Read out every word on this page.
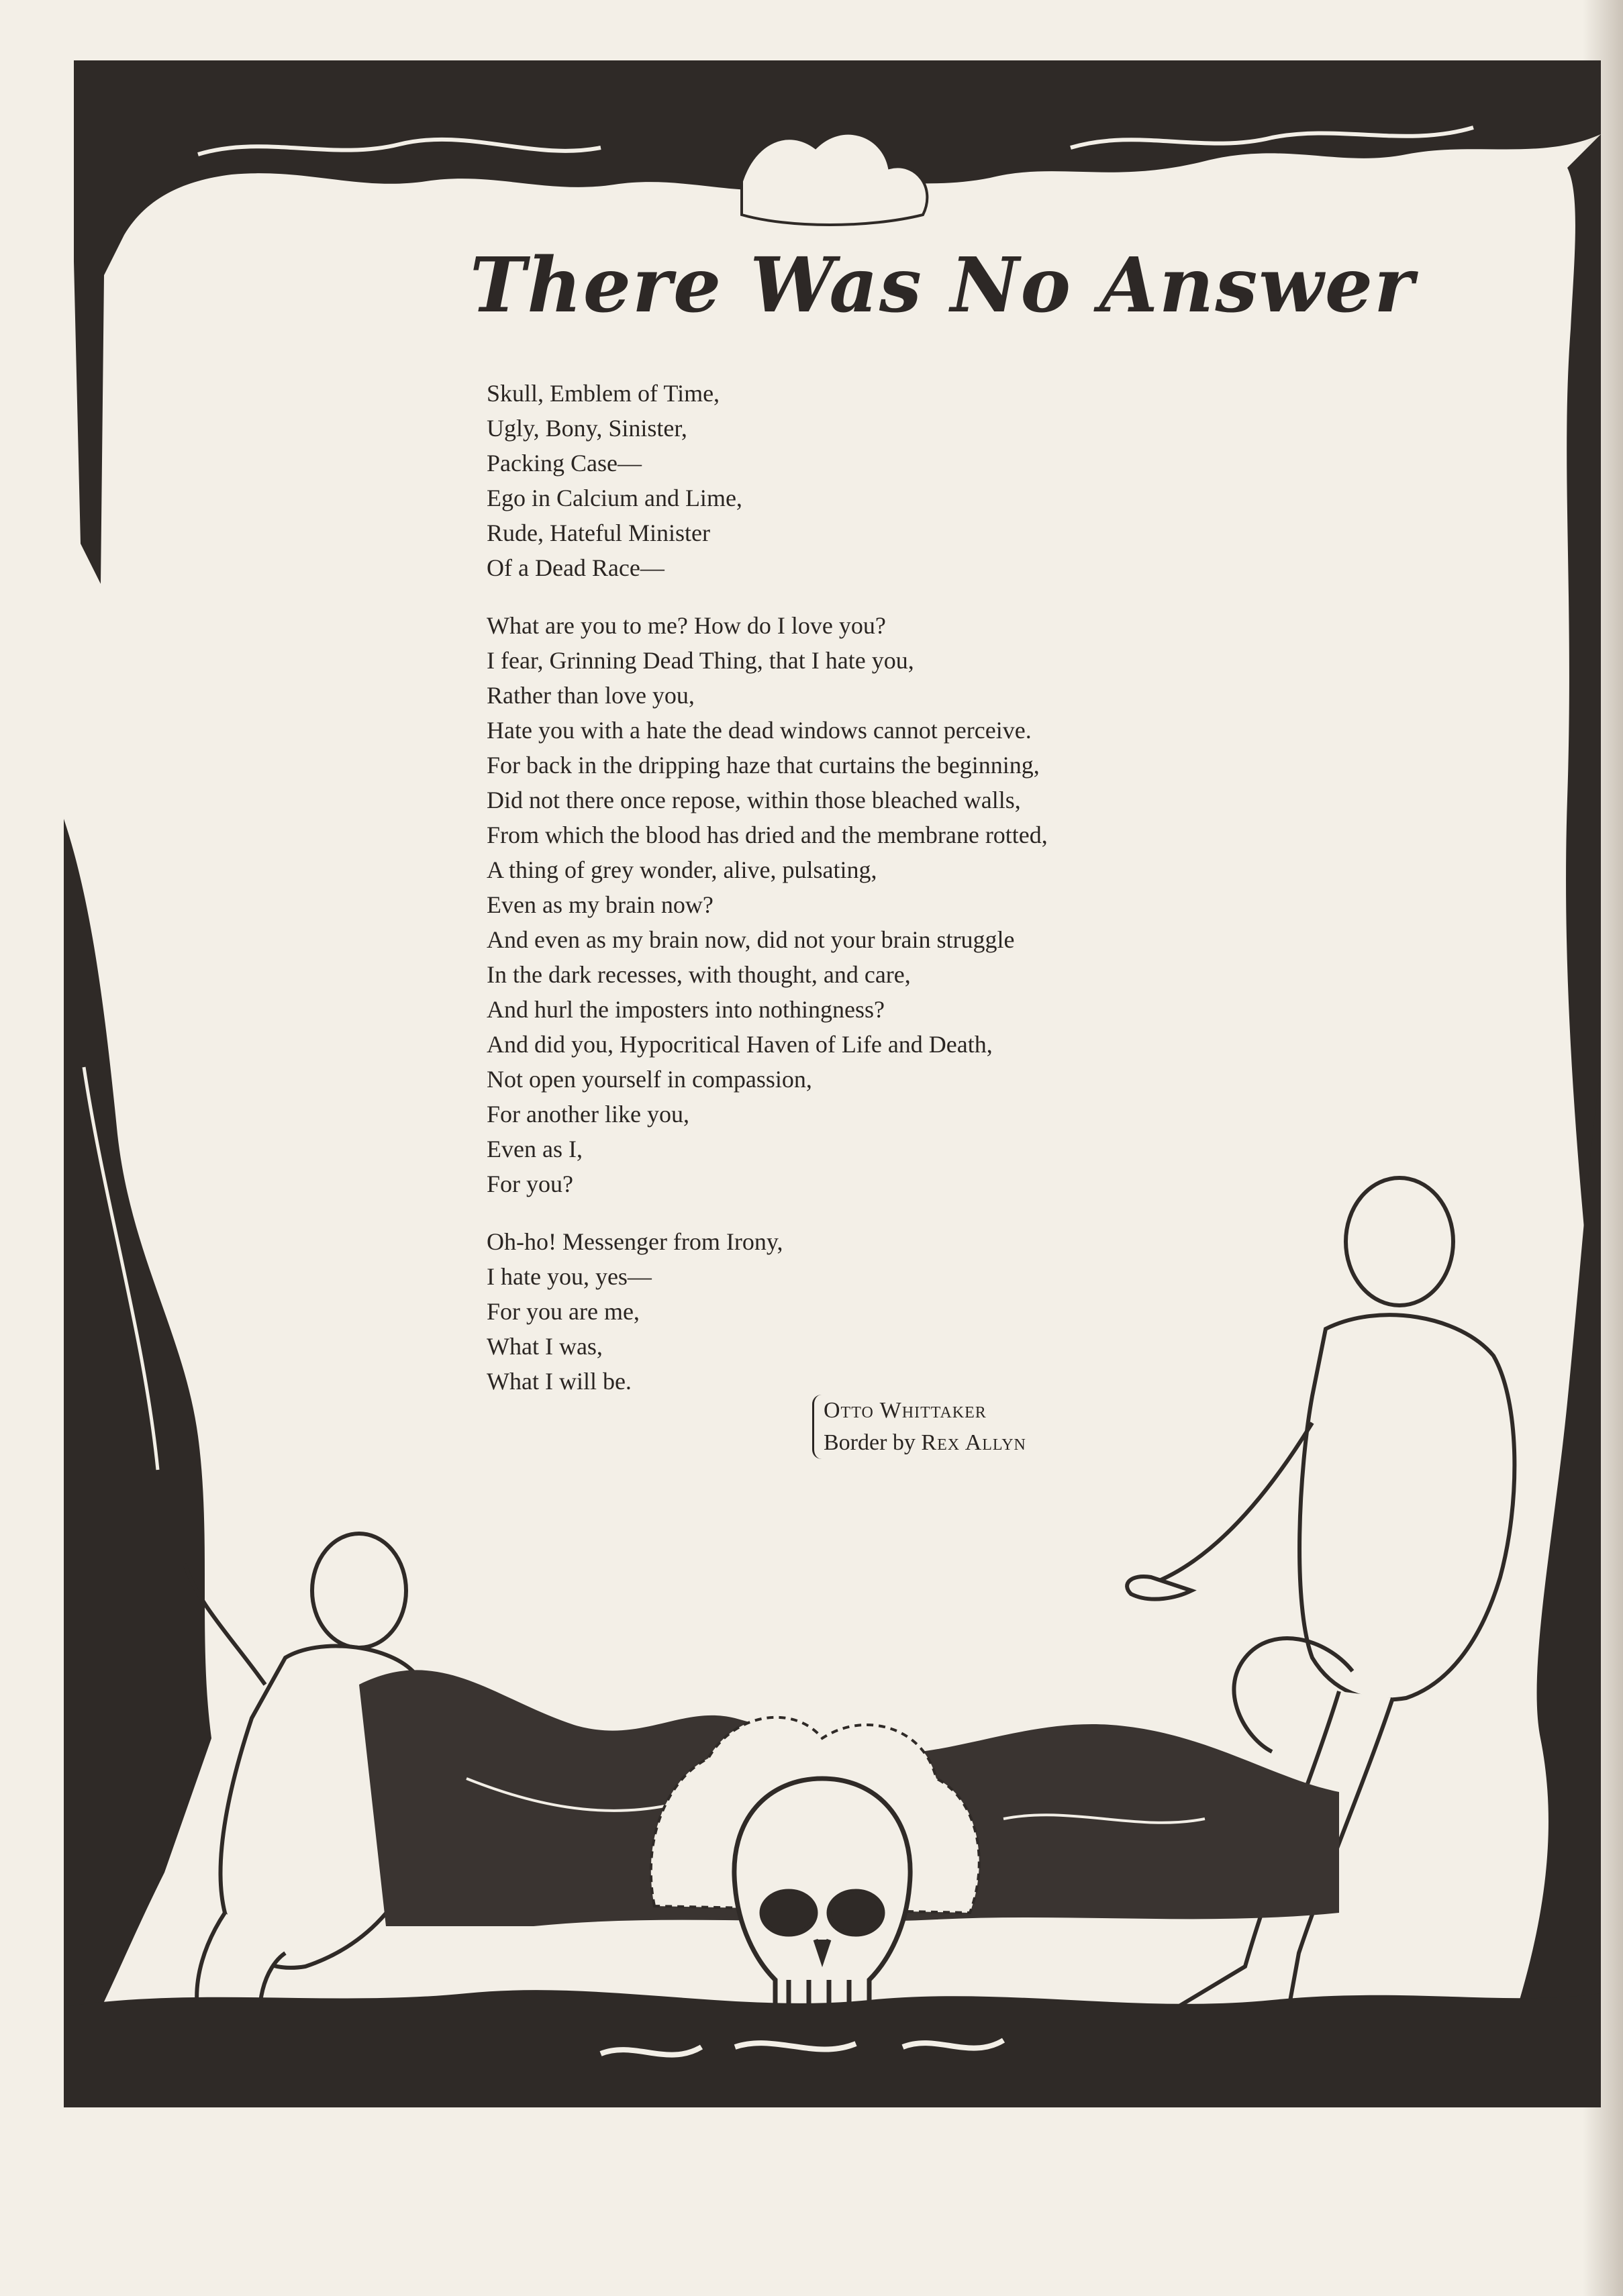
There Was No Answer
Skull, Emblem of Time,
Ugly, Bony, Sinister,
Packing Case—
Ego in Calcium and Lime,
Rude, Hateful Minister
Of a Dead Race—
What are you to me? How do I love you?
I fear, Grinning Dead Thing, that I hate you,
Rather than love you,
Hate you with a hate the dead windows cannot perceive.
For back in the dripping haze that curtains the beginning,
Did not there once repose, within those bleached walls,
From which the blood has dried and the membrane rotted,
A thing of grey wonder, alive, pulsating,
Even as my brain now?
And even as my brain now, did not your brain struggle
In the dark recesses, with thought, and care,
And hurl the imposters into nothingness?
And did you, Hypocritical Haven of Life and Death,
Not open yourself in compassion,
For another like you,
Even as I,
For you?
Oh-ho! Messenger from Irony,
I hate you, yes—
For you are me,
What I was,
What I will be.
Otto Whittaker
Border by Rex Allyn
